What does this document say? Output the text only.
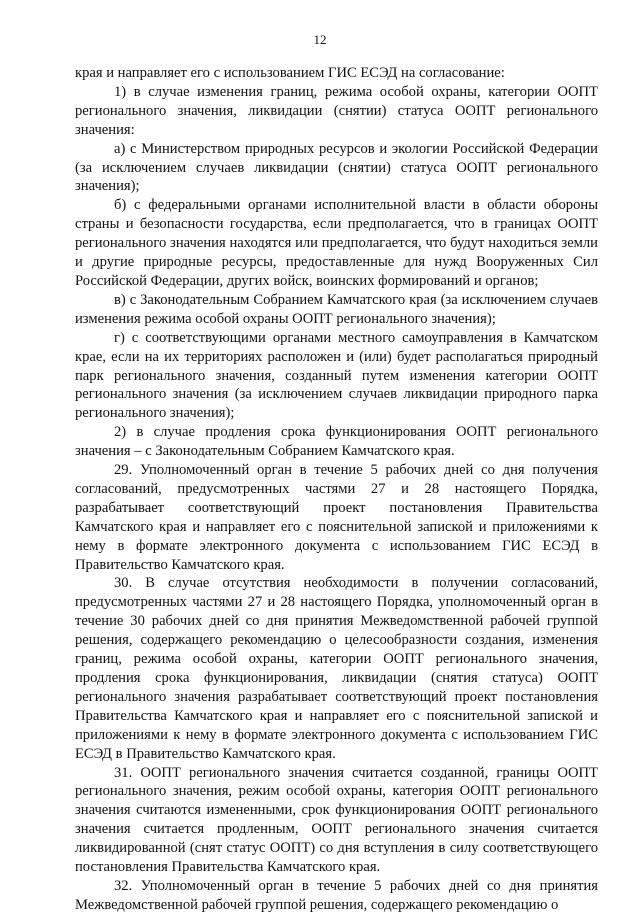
12

края и направляет его с использованием ГИС ЕСЭД на согласование:

1) в случае изменения границ, режима особой охраны, категории ООПТ регионального значения, ликвидации (снятии) статуса ООПТ регионального значения:

а) с Министерством природных ресурсов и экологии Российской Федерации (за исключением случаев ликвидации (снятии) статуса ООПТ регионального значения);

б) с федеральными органами исполнительной власти в области обороны страны и безопасности государства, если предполагается, что в границах ООПТ регионального значения находятся или предполагается, что будут находиться земли и другие природные ресурсы, предоставленные для нужд Вооруженных Сил Российской Федерации, других войск, воинских формирований и органов;

в) с Законодательным Собранием Камчатского края (за исключением случаев изменения режима особой охраны ООПТ регионального значения);

г) с соответствующими органами местного самоуправления в Камчатском крае, если на их территориях расположен и (или) будет располагаться природный парк регионального значения, созданный путем изменения категории ООПТ регионального значения (за исключением случаев ликвидации природного парка регионального значения);

2) в случае продления срока функционирования ООПТ регионального значения – с Законодательным Собранием Камчатского края.

29. Уполномоченный орган в течение 5 рабочих дней со дня получения согласований, предусмотренных частями 27 и 28 настоящего Порядка, разрабатывает соответствующий проект постановления Правительства Камчатского края и направляет его с пояснительной запиской и приложениями к нему в формате электронного документа с использованием ГИС ЕСЭД в Правительство Камчатского края.

30. В случае отсутствия необходимости в получении согласований, предусмотренных частями 27 и 28 настоящего Порядка, уполномоченный орган в течение 30 рабочих дней со дня принятия Межведомственной рабочей группой решения, содержащего рекомендацию о целесообразности создания, изменения границ, режима особой охраны, категории ООПТ регионального значения, продления срока функционирования, ликвидации (снятия статуса) ООПТ регионального значения разрабатывает соответствующий проект постановления Правительства Камчатского края и направляет его с пояснительной запиской и приложениями к нему в формате электронного документа с использованием ГИС ЕСЭД в Правительство Камчатского края.

31. ООПТ регионального значения считается созданной, границы ООПТ регионального значения, режим особой охраны, категория ООПТ регионального значения считаются измененными, срок функционирования ООПТ регионального значения считается продленным, ООПТ регионального значения считается ликвидированной (снят статус ООПТ) со дня вступления в силу соответствующего постановления Правительства Камчатского края.

32. Уполномоченный орган в течение 5 рабочих дней со дня принятия Межведомственной рабочей группой решения, содержащего рекомендацию о
